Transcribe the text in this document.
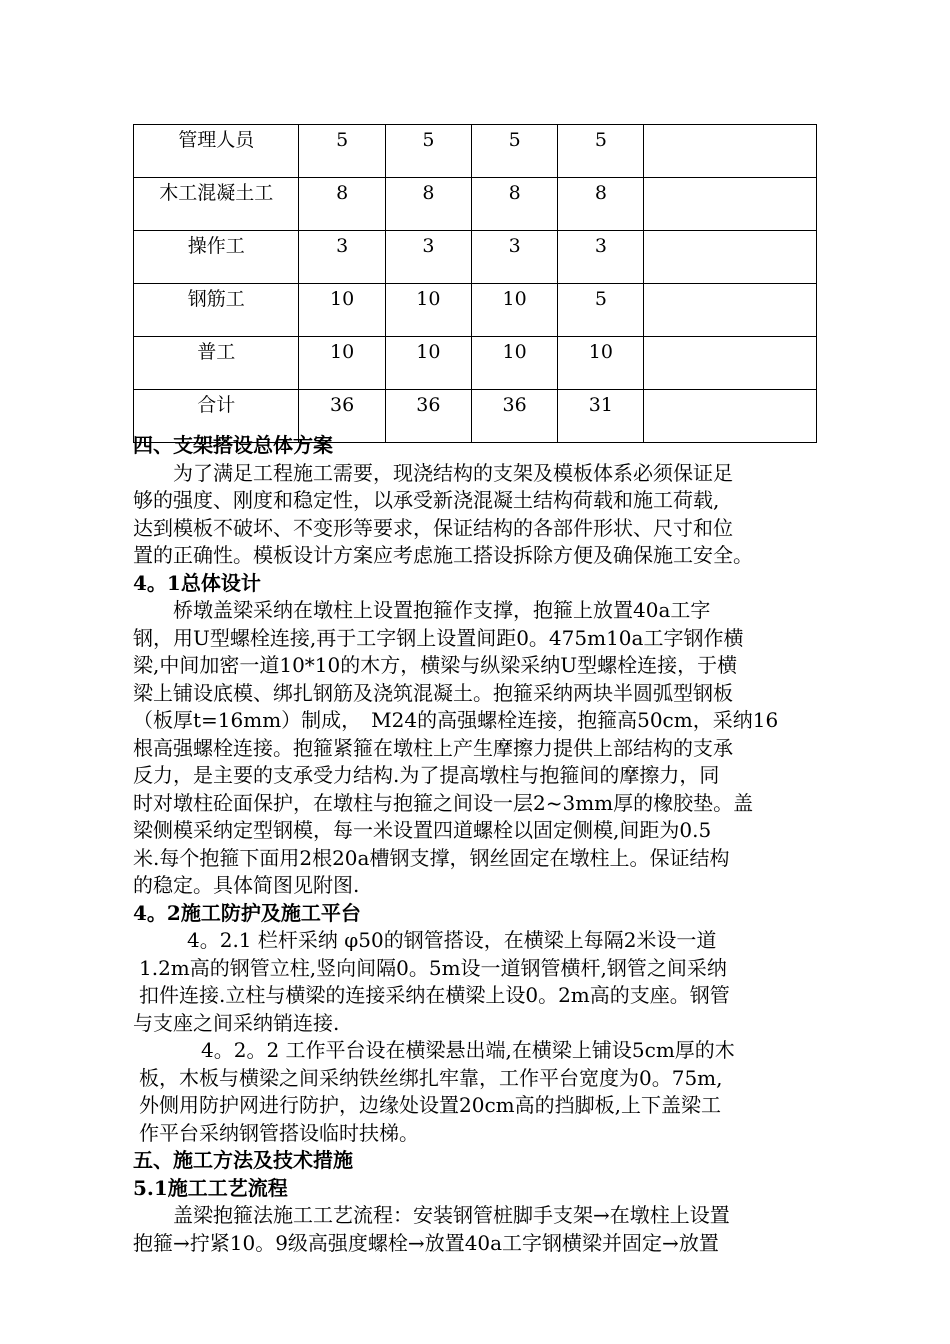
管理人员	5	5	5	5	
木工混凝土工	8	8	8	8	
操作工	3	3	3	3	
钢筋工	10	10	10	5	
普工	10	10	10	10	
合计	36	36	36	31	
四、支架搭设总体方案
为了满足工程施工需要，现浇结构的支架及模板体系必须保证足
够的强度、刚度和稳定性，以承受新浇混凝土结构荷载和施工荷载,
达到模板不破坏、不变形等要求，保证结构的各部件形状、尺寸和位
置的正确性。模板设计方案应考虑施工搭设拆除方便及确保施工安全。
4。1总体设计
桥墩盖梁采纳在墩柱上设置抱箍作支撑，抱箍上放置40a工字
钢，用U型螺栓连接,再于工字钢上设置间距0。475m10a工字钢作横
梁,中间加密一道10*10的木方，横梁与纵梁采纳U型螺栓连接，于横
梁上铺设底模、绑扎钢筋及浇筑混凝土。抱箍采纳两块半圆弧型钢板
（板厚t=16mm）制成，　M24的高强螺栓连接，抱箍高50cm，采纳16
根高强螺栓连接。抱箍紧箍在墩柱上产生摩擦力提供上部结构的支承
反力，是主要的支承受力结构.为了提高墩柱与抱箍间的摩擦力，同
时对墩柱砼面保护，在墩柱与抱箍之间设一层2~3mm厚的橡胶垫。盖
梁侧模采纳定型钢模，每一米设置四道螺栓以固定侧模,间距为0.5
米.每个抱箍下面用2根20a槽钢支撑，钢丝固定在墩柱上。保证结构
的稳定。具体简图见附图.
4。2施工防护及施工平台
4。2.1 栏杆采纳 φ50的钢管搭设，在横梁上每隔2米设一道
1.2m高的钢管立柱,竖向间隔0。5m设一道钢管横杆,钢管之间采纳
扣件连接.立柱与横梁的连接采纳在横梁上设0。2m高的支座。钢管
与支座之间采纳销连接.
4。2。2 工作平台设在横梁悬出端,在横梁上铺设5cm厚的木
板，木板与横梁之间采纳铁丝绑扎牢靠，工作平台宽度为0。75m,
外侧用防护网进行防护，边缘处设置20cm高的挡脚板,上下盖梁工
作平台采纳钢管搭设临时扶梯。
五、施工方法及技术措施
5.1施工工艺流程
盖梁抱箍法施工工艺流程：安装钢管桩脚手支架→在墩柱上设置
抱箍→拧紧10。9级高强度螺栓→放置40a工字钢横梁并固定→放置
